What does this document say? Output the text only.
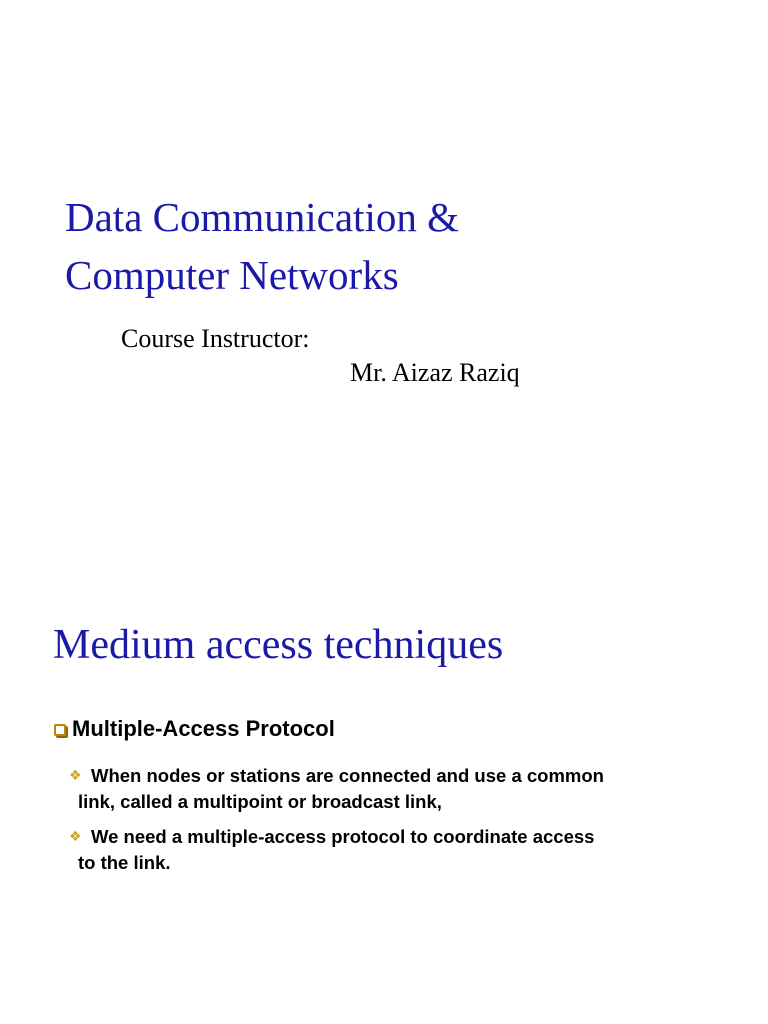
Data Communication &
Computer Networks
Course Instructor:
Mr. Aizaz Raziq
Medium access techniques
Multiple-Access Protocol
❖ When nodes or stations are connected and use a common
link, called a multipoint or broadcast link,
❖ We need a multiple-access protocol to coordinate access
to the link.
